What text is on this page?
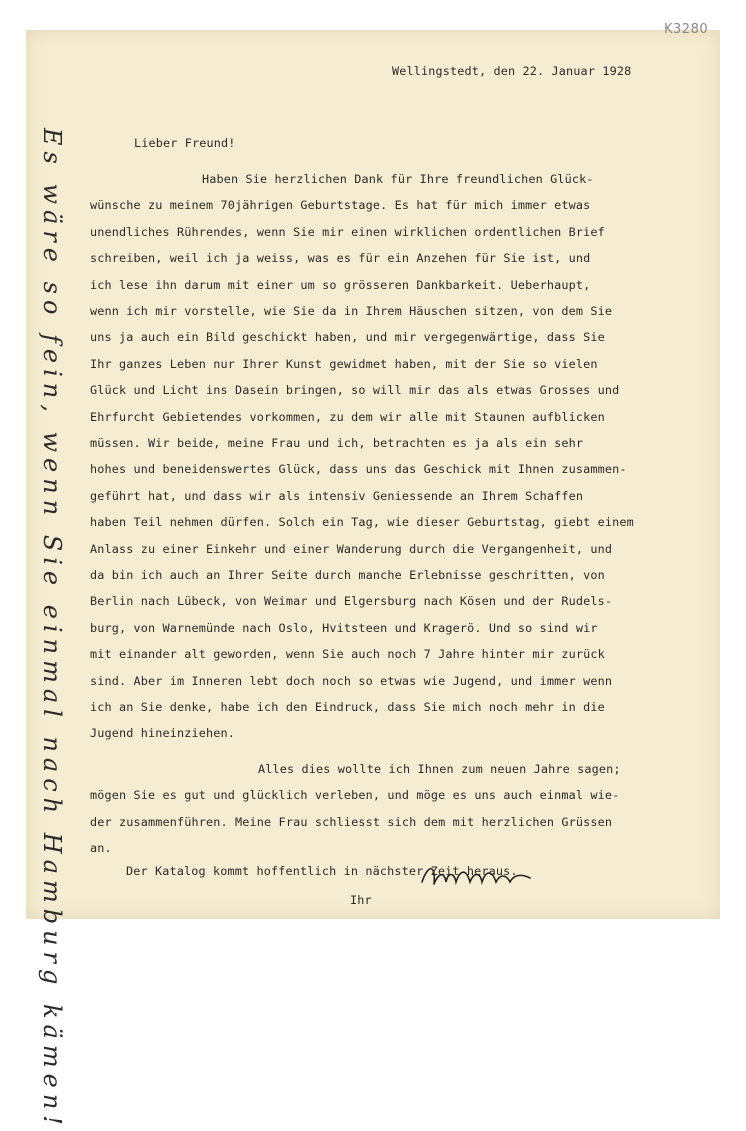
K3280
Wellingstedt, den 22. Januar 1928
Lieber Freund!
Haben Sie herzlichen Dank für Ihre freundlichen Glück-
wünsche zu meinem 70jährigen Geburtstage. Es hat für mich immer etwas
unendliches Rührendes, wenn Sie mir einen wirklichen ordentlichen Brief
schreiben, weil ich ja weiss, was es für ein Anzehen für Sie ist, und
ich lese ihn darum mit einer um so grösseren Dankbarkeit. Ueberhaupt,
wenn ich mir vorstelle, wie Sie da in Ihrem Häuschen sitzen, von dem Sie
uns ja auch ein Bild geschickt haben, und mir vergegenwärtige, dass Sie
Ihr ganzes Leben nur Ihrer Kunst gewidmet haben, mit der Sie so vielen
Glück und Licht ins Dasein bringen, so will mir das als etwas Grosses und
Ehrfurcht Gebietendes vorkommen, zu dem wir alle mit Staunen aufblicken
müssen. Wir beide, meine Frau und ich, betrachten es ja als ein sehr
hohes und beneidenswertes Glück, dass uns das Geschick mit Ihnen zusammen-
geführt hat, und dass wir als intensiv Geniessende an Ihrem Schaffen
haben Teil nehmen dürfen. Solch ein Tag, wie dieser Geburtstag, giebt einem
Anlass zu einer Einkehr und einer Wanderung durch die Vergangenheit, und
da bin ich auch an Ihrer Seite durch manche Erlebnisse geschritten, von
Berlin nach Lübeck, von Weimar und Elgersburg nach Kösen und der Rudels-
burg, von Warnemünde nach Oslo, Hvitsteen und Kragerö. Und so sind wir
mit einander alt geworden, wenn Sie auch noch 7 Jahre hinter mir zurück
sind. Aber im Inneren lebt doch noch so etwas wie Jugend, und immer wenn
ich an Sie denke, habe ich den Eindruck, dass Sie mich noch mehr in die
Jugend hineinziehen.
Alles dies wollte ich Ihnen zum neuen Jahre sagen;
mögen Sie es gut und glücklich verleben, und möge es uns auch einmal wie-
der zusammenführen. Meine Frau schliesst sich dem mit herzlichen Grüssen
an.
Der Katalog kommt hoffentlich in nächster Zeit heraus.
Ihr
Es wäre so fein, wenn Sie einmal nach Hamburg kämen!
